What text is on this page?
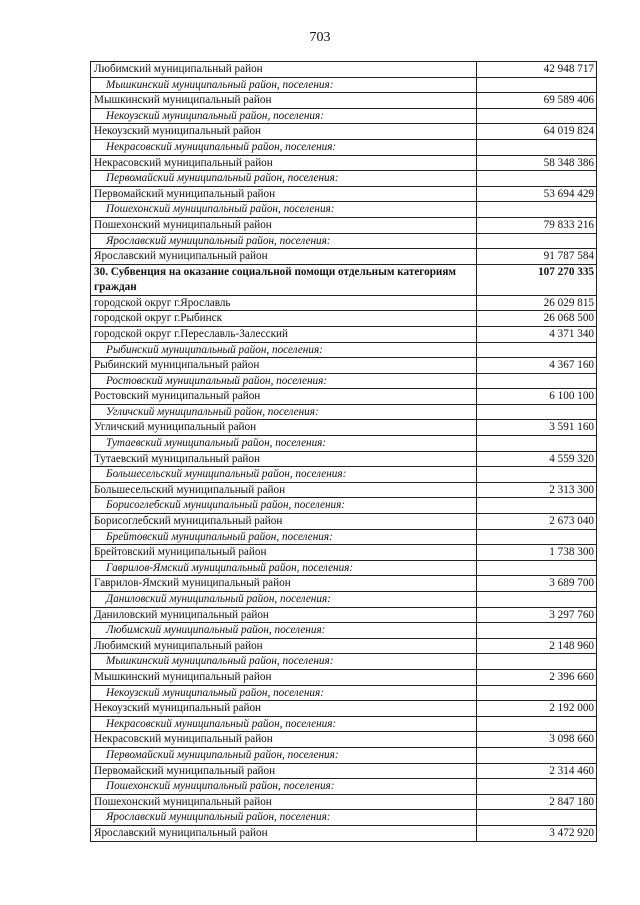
703
Любимский муниципальный район	42 948 717
Мышкинский муниципальный район, поселения:	
Мышкинский муниципальный район	69 589 406
Некоузский муниципальный район, поселения:	
Некоузский муниципальный район	64 019 824
Некрасовский муниципальный район, поселения:	
Некрасовский муниципальный район	58 348 386
Первомайский муниципальный район, поселения:	
Первомайский муниципальный район	53 694 429
Пошехонский муниципальный район, поселения:	
Пошехонский муниципальный район	79 833 216
Ярославский муниципальный район, поселения:	
Ярославский муниципальный район	91 787 584
30. Субвенция на оказание социальной помощи отдельным категориям граждан	107 270 335
городской округ г.Ярославль	26 029 815
городской округ г.Рыбинск	26 068 500
городской округ г.Переславль-Залесский	4 371 340
Рыбинский муниципальный район, поселения:	
Рыбинский муниципальный район	4 367 160
Ростовский муниципальный район, поселения:	
Ростовский муниципальный район	6 100 100
Угличский муниципальный район, поселения:	
Угличский муниципальный район	3 591 160
Тутаевский муниципальный район, поселения:	
Тутаевский муниципальный район	4 559 320
Большесельский муниципальный район, поселения:	
Большесельский муниципальный район	2 313 300
Борисоглебский муниципальный район, поселения:	
Борисоглебский муниципальный район	2 673 040
Брейтовский муниципальный район, поселения:	
Брейтовский муниципальный район	1 738 300
Гаврилов-Ямский муниципальный район, поселения:	
Гаврилов-Ямский муниципальный район	3 689 700
Даниловский муниципальный район, поселения:	
Даниловский муниципальный район	3 297 760
Любимский муниципальный район, поселения:	
Любимский муниципальный район	2 148 960
Мышкинский муниципальный район, поселения:	
Мышкинский муниципальный район	2 396 660
Некоузский муниципальный район, поселения:	
Некоузский муниципальный район	2 192 000
Некрасовский муниципальный район, поселения:	
Некрасовский муниципальный район	3 098 660
Первомайский муниципальный район, поселения:	
Первомайский муниципальный район	2 314 460
Пошехонский муниципальный район, поселения:	
Пошехонский муниципальный район	2 847 180
Ярославский муниципальный район, поселения:	
Ярославский муниципальный район	3 472 920
